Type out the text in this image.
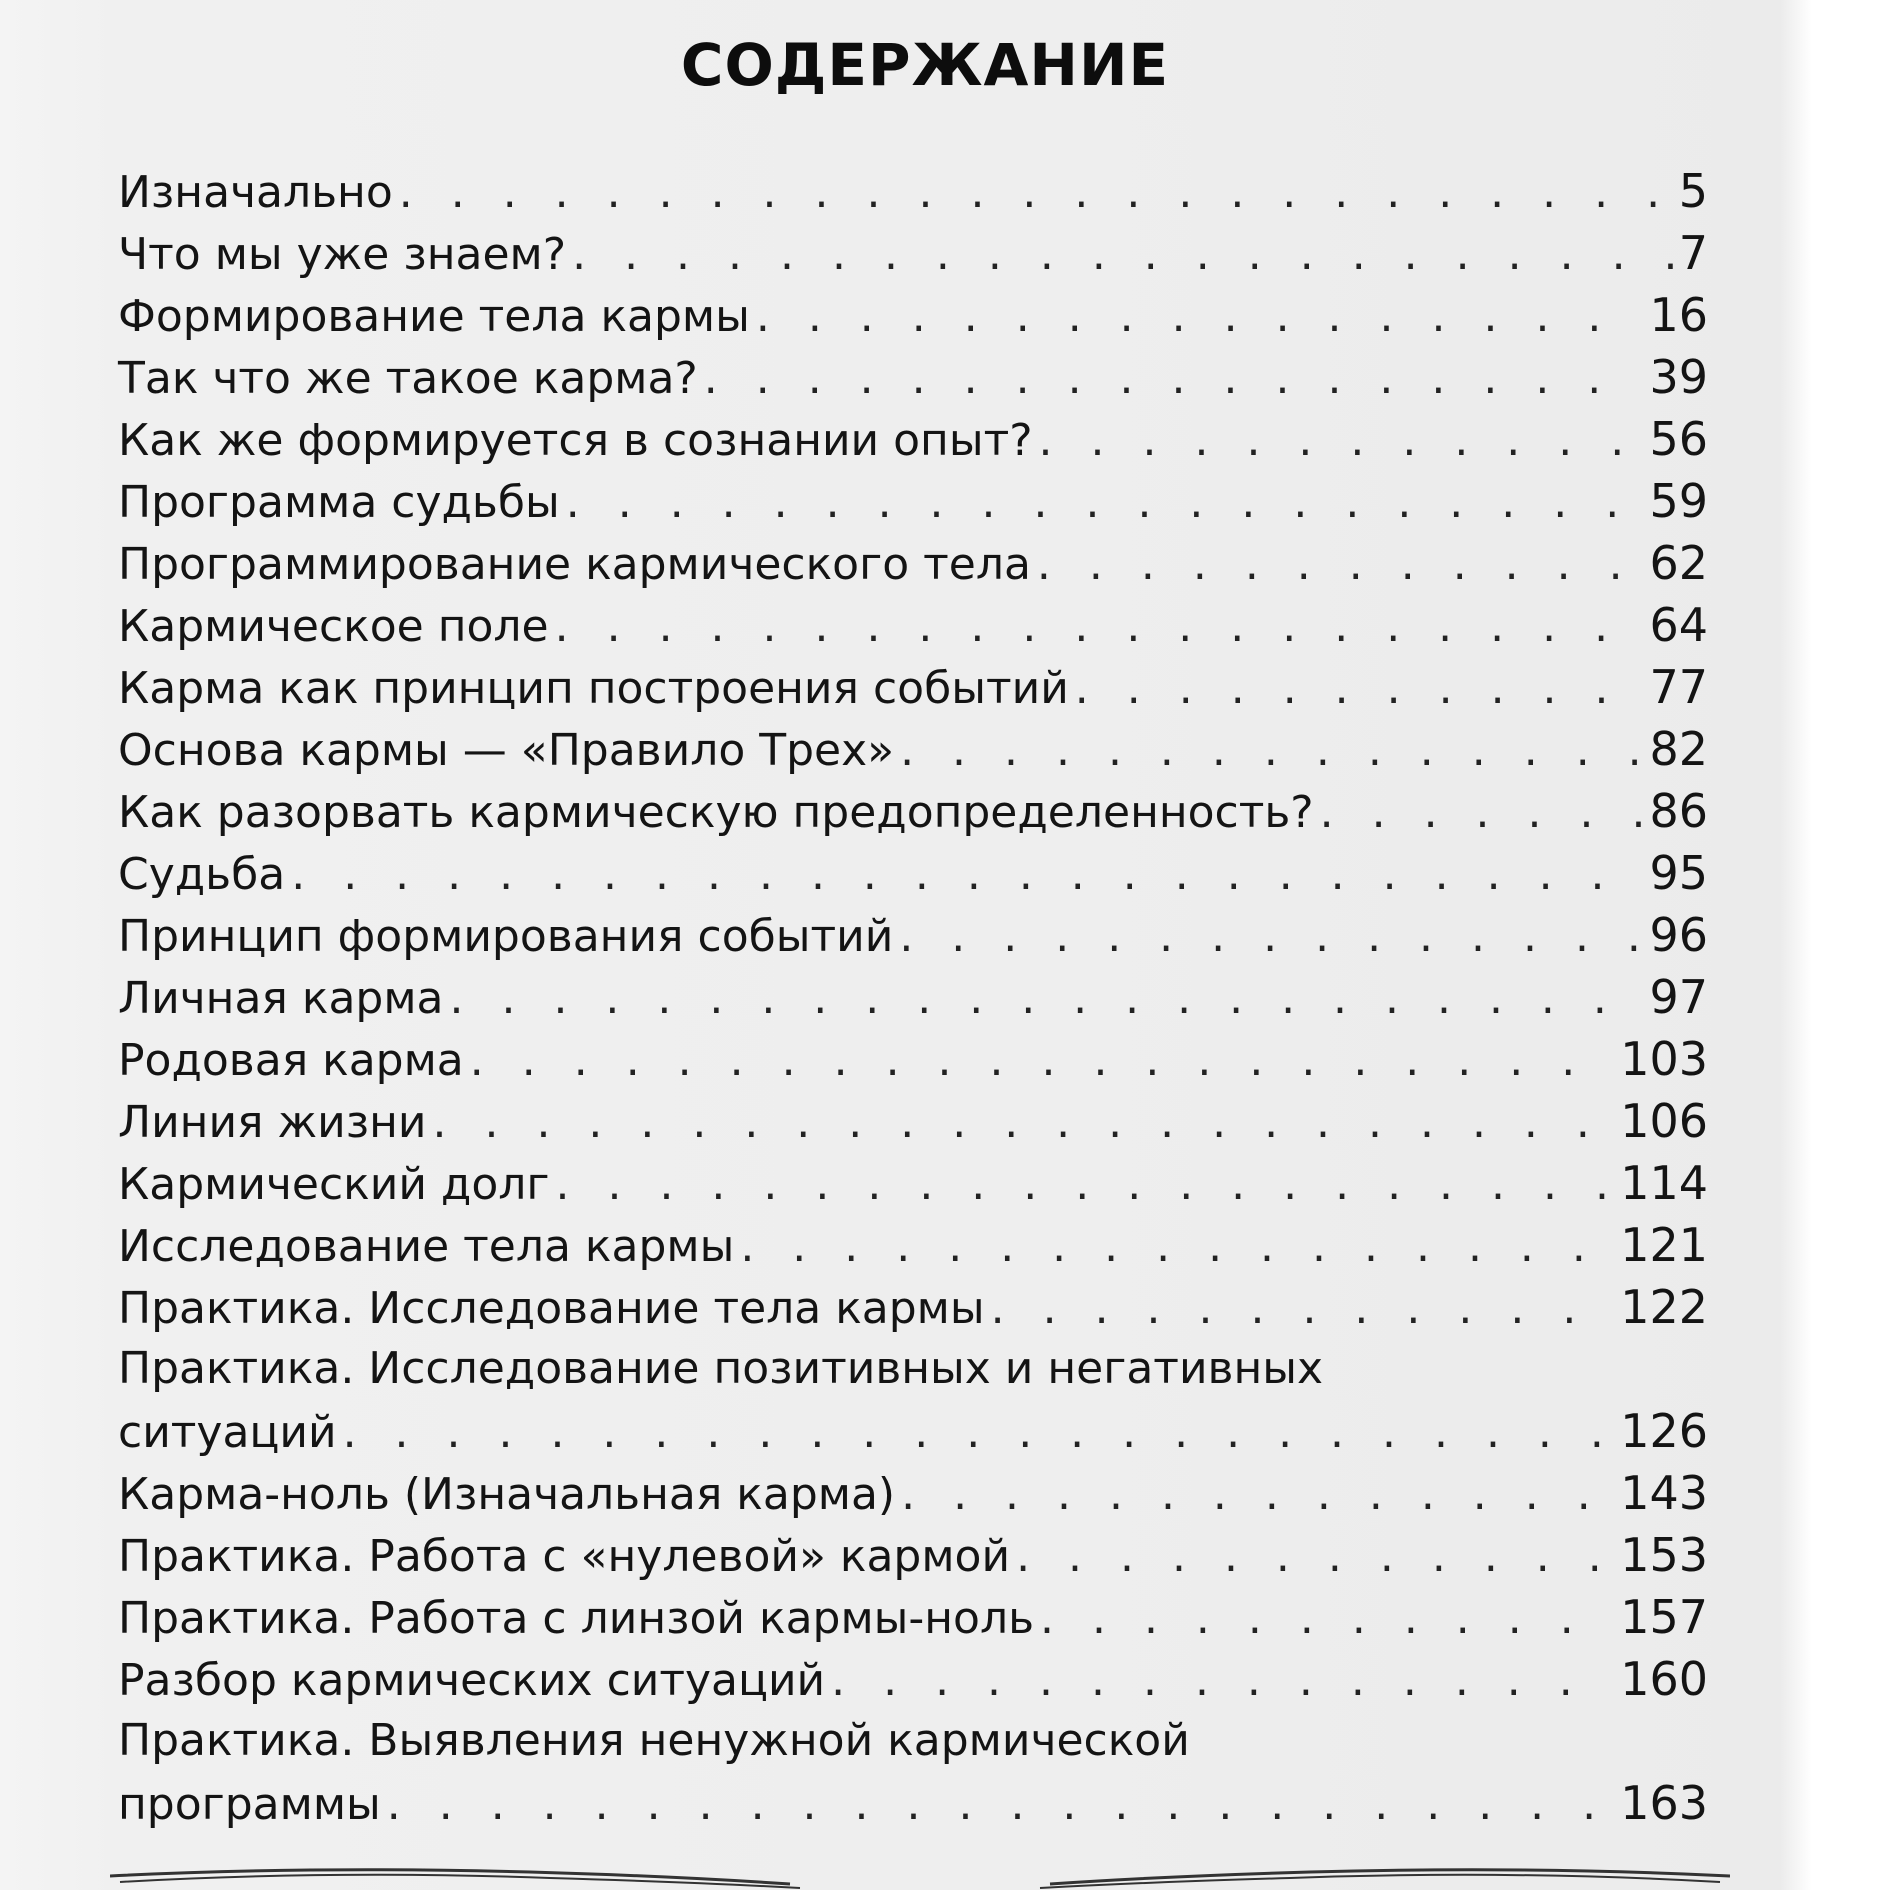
СОДЕРЖАНИЕ
Изначально . . .	5
Что мы уже знаем? . . .	7
Формирование тела кармы . . .	16
Так что же такое карма? . . .	39
Как же формируется в сознании опыт? . . .	56
Программа судьбы . . .	59
Программирование кармического тела . . .	62
Кармическое поле . . .	64
Карма как принцип построения событий . . .	77
Основа кармы — «Правило Трех» . . .	82
Как разорвать кармическую предопределенность? . . .	86
Судьба . . .	95
Принцип формирования событий . . .	96
Личная карма . . .	97
Родовая карма . . .	103
Линия жизни . . .	106
Кармический долг . . .	114
Исследование тела кармы . . .	121
Практика. Исследование тела кармы . . .	122
Практика. Исследование позитивных и негативных
ситуаций . . .	126
Карма-ноль (Изначальная карма) . . .	143
Практика. Работа с «нулевой» кармой . . .	153
Практика. Работа с линзой кармы-ноль . . .	157
Разбор кармических ситуаций . . .	160
Практика. Выявления ненужной кармической
программы . . .	163
